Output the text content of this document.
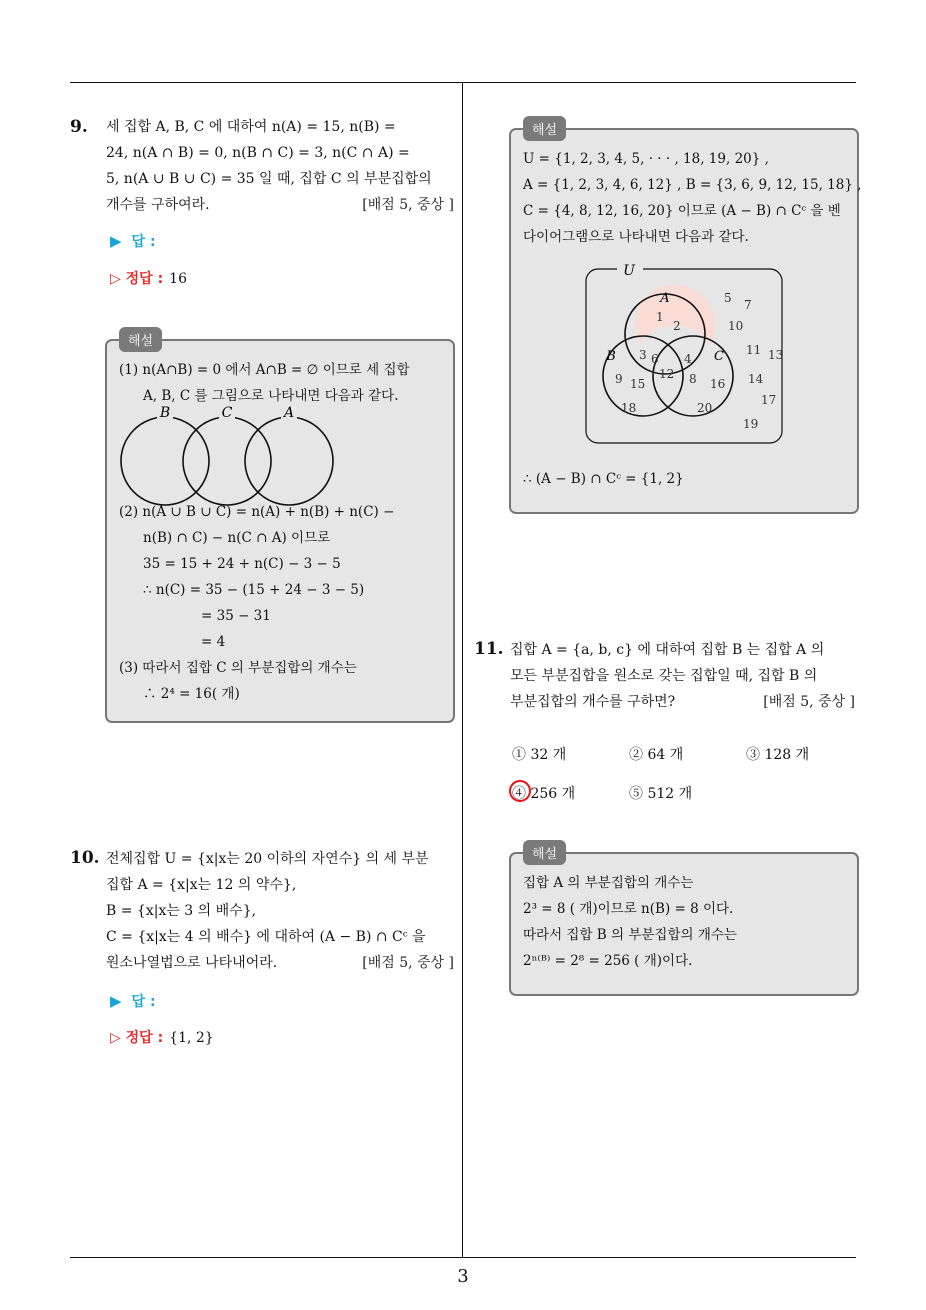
9. 세 집합 A, B, C 에 대하여 n(A) = 15, n(B) =
24, n(A ∩ B) = 0, n(B ∩ C) = 3, n(C ∩ A) =
5, n(A ∪ B ∪ C) = 35 일 때, 집합 C 의 부분집합의
개수를 구하여라.	[배점 5, 중상 ]
▶ 답 :
▷ 정답 : 16
해설
(1) n(A∩B) = 0 에서 A∩B = ∅ 이므로 세 집합
A, B, C 를 그림으로 나타내면 다음과 같다.
B	C	A
(2) n(A ∪ B ∪ C) = n(A) + n(B) + n(C) −
n(B) ∩ C) − n(C ∩ A) 이므로
35 = 15 + 24 + n(C) − 3 − 5
∴ n(C) = 35 − (15 + 24 − 3 − 5)
= 35 − 31
= 4
(3) 따라서 집합 C 의 부분집합의 개수는
∴ 2⁴ = 16( 개)
10. 전체집합 U = {x|x는 20 이하의 자연수} 의 세 부분
집합 A = {x|x는 12 의 약수},
B = {x|x는 3 의 배수},
C = {x|x는 4 의 배수} 에 대하여 (A − B) ∩ Cᶜ 을
원소나열법으로 나타내어라.	[배점 5, 중상 ]
▶ 답 :
▷ 정답 : {1, 2}
해설
U = {1, 2, 3, 4, 5, · · · , 18, 19, 20} ,
A = {1, 2, 3, 4, 6, 12} , B = {3, 6, 9, 12, 15, 18} ,
C = {4, 8, 12, 16, 20} 이므로 (A − B) ∩ Cᶜ 을 벤
다이어그램으로 나타내면 다음과 같다.
U
A
B	C
1
2
5 7
10
3 6 4
11 13
12
9 15	8 16 14
17
18	20
19
∴ (A − B) ∩ Cᶜ = {1, 2}
11. 집합 A = {a, b, c} 에 대하여 집합 B 는 집합 A 의
모든 부분집합을 원소로 갖는 집합일 때, 집합 B 의
부분집합의 개수를 구하면?	[배점 5, 중상 ]
① 32 개	② 64 개	③ 128 개
④ 256 개	⑤ 512 개
해설
집합 A 의 부분집합의 개수는
2³ = 8 ( 개)이므로 n(B) = 8 이다.
따라서 집합 B 의 부분집합의 개수는
2ⁿ⁽ᴮ⁾ = 2⁸ = 256 ( 개)이다.
3
